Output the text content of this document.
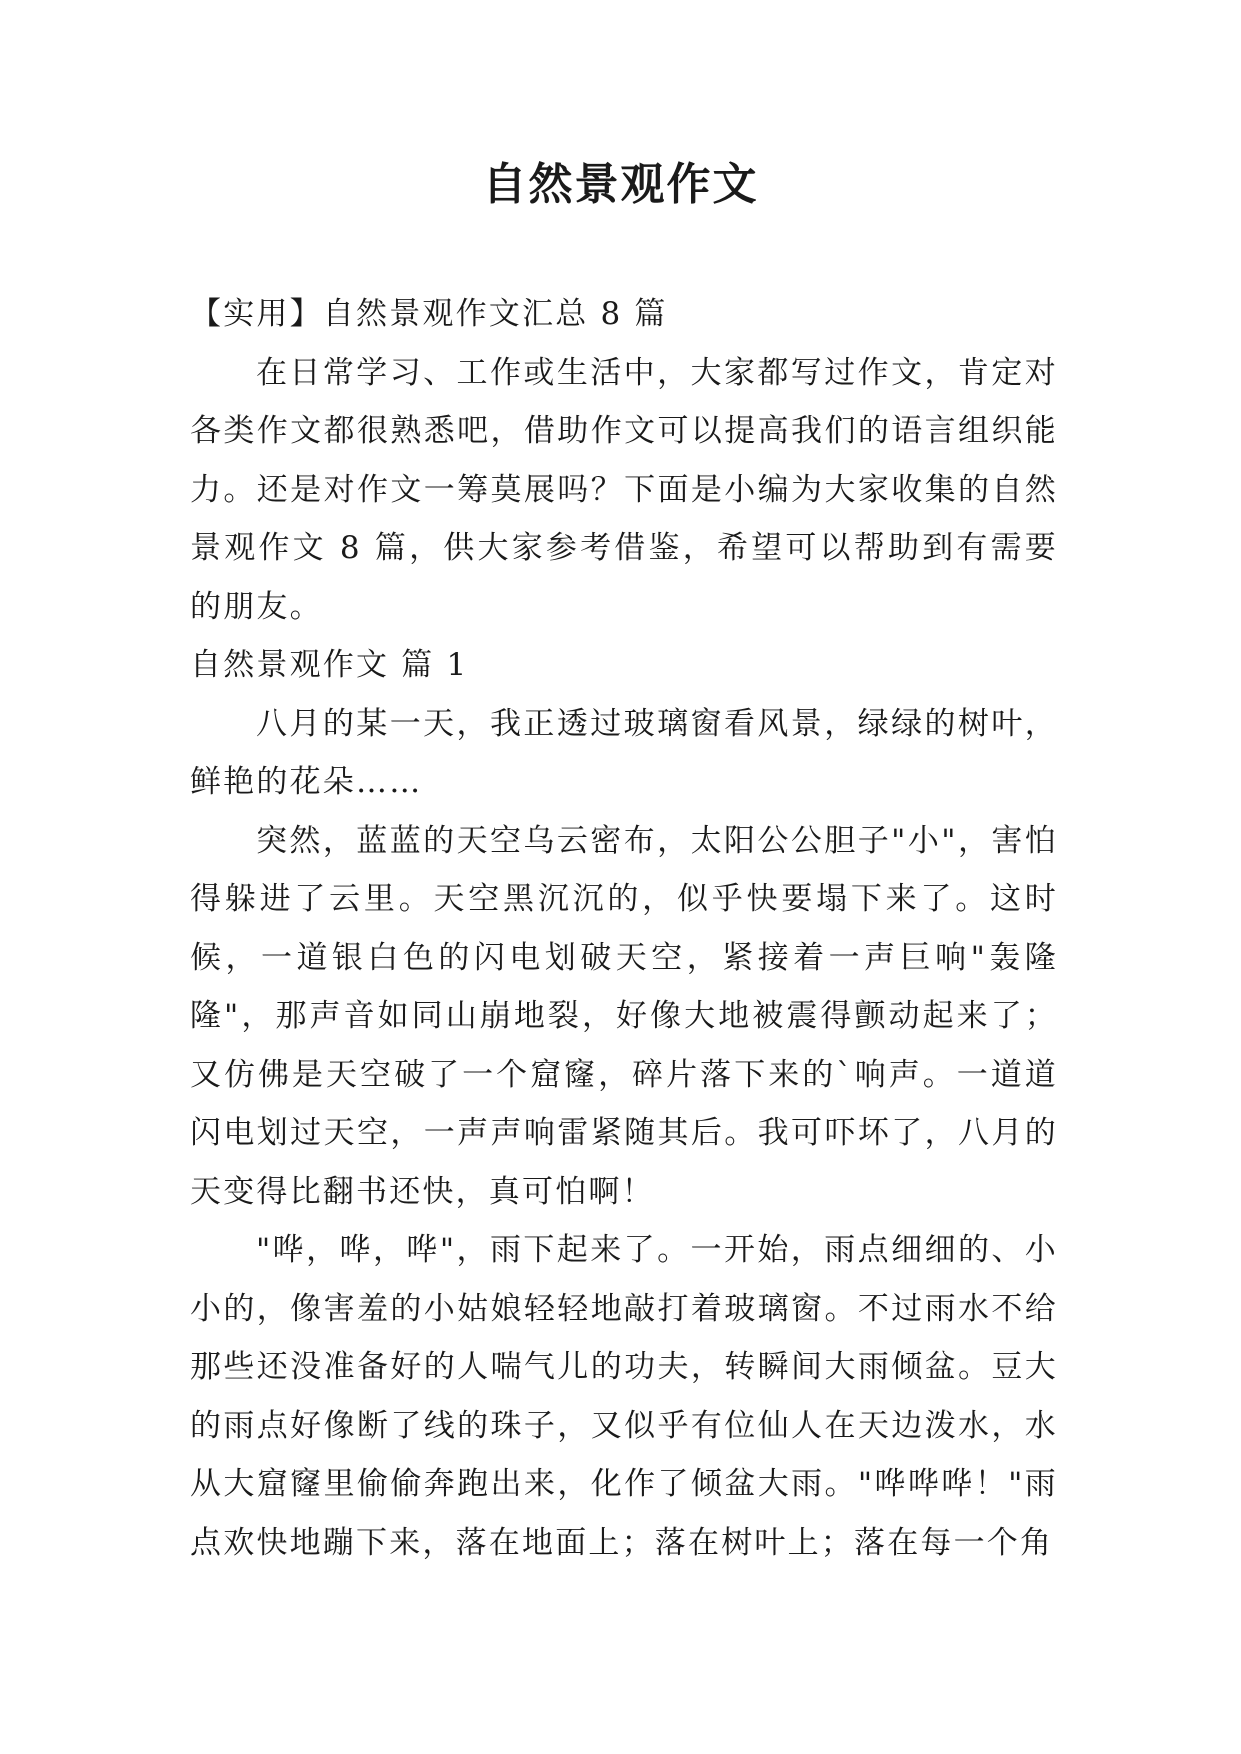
自然景观作文

【实用】自然景观作文汇总 8 篇

在日常学习、工作或生活中，大家都写过作文，肯定对各类作文都很熟悉吧，借助作文可以提高我们的语言组织能力。还是对作文一筹莫展吗？下面是小编为大家收集的自然景观作文 8 篇，供大家参考借鉴，希望可以帮助到有需要的朋友。

自然景观作文 篇 1

八月的某一天，我正透过玻璃窗看风景，绿绿的树叶，鲜艳的花朵……

突然，蓝蓝的天空乌云密布，太阳公公胆子"小"，害怕得躲进了云里。天空黑沉沉的，似乎快要塌下来了。这时候，一道银白色的闪电划破天空，紧接着一声巨响"轰隆隆"，那声音如同山崩地裂，好像大地被震得颤动起来了；又仿佛是天空破了一个窟窿，碎片落下来的`响声。一道道闪电划过天空，一声声响雷紧随其后。我可吓坏了，八月的天变得比翻书还快，真可怕啊！

"哗，哗，哗"，雨下起来了。一开始，雨点细细的、小小的，像害羞的小姑娘轻轻地敲打着玻璃窗。不过雨水不给那些还没准备好的人喘气儿的功夫，转瞬间大雨倾盆。豆大的雨点好像断了线的珠子，又似乎有位仙人在天边泼水，水从大窟窿里偷偷奔跑出来，化作了倾盆大雨。"哗哗哗！"雨点欢快地蹦下来，落在地面上；落在树叶上；落在每一个角
